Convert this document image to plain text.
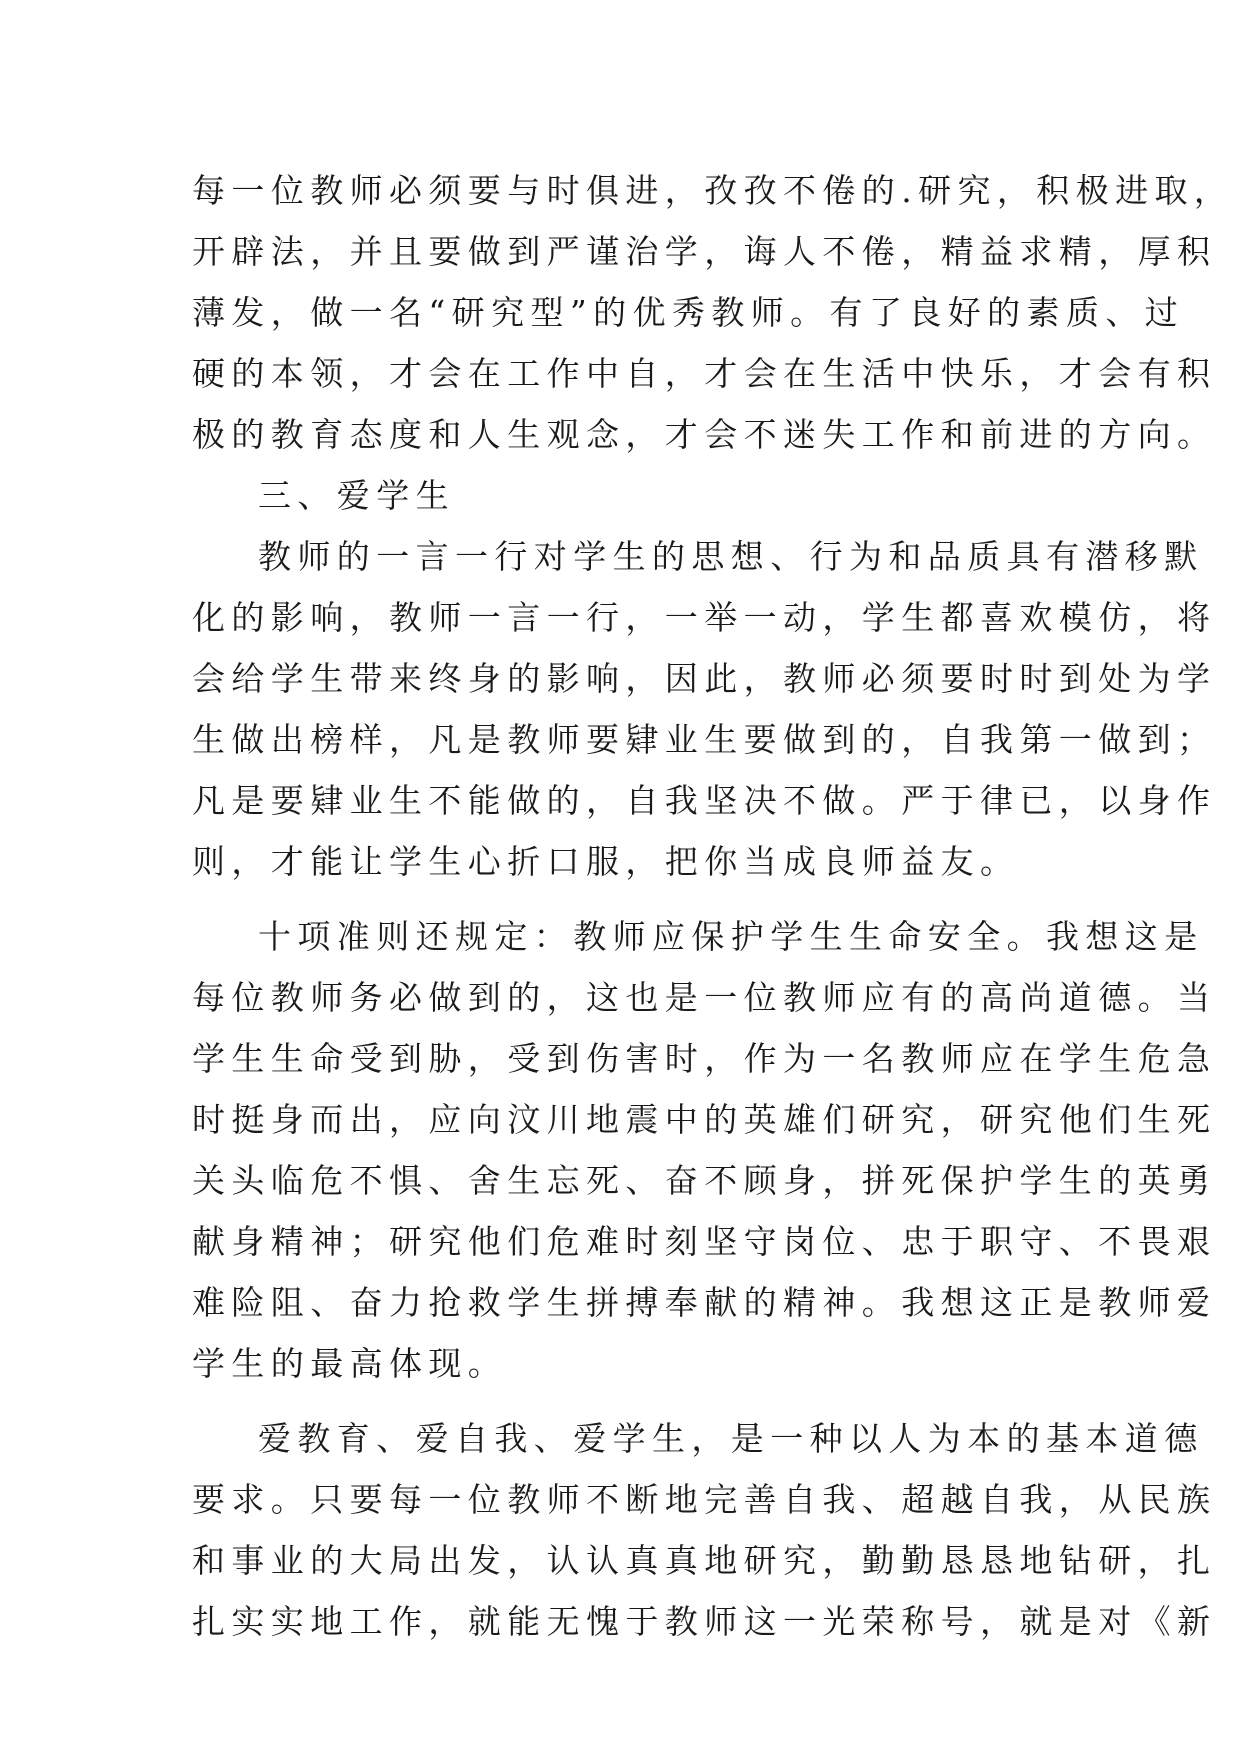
每一位教师必须要与时俱进，孜孜不倦的.研究，积极进取，
开辟法，并且要做到严谨治学，诲人不倦，精益求精，厚积
薄发，做一名“研究型”的优秀教师。有了良好的素质、过
硬的本领，才会在工作中自，才会在生活中快乐，才会有积
极的教育态度和人生观念，才会不迷失工作和前进的方向。
三、爱学生
教师的一言一行对学生的思想、行为和品质具有潜移默
化的影响，教师一言一行，一举一动，学生都喜欢模仿，将
会给学生带来终身的影响，因此，教师必须要时时到处为学
生做出榜样，凡是教师要肄业生要做到的，自我第一做到；
凡是要肄业生不能做的，自我坚决不做。严于律已，以身作
则，才能让学生心折口服，把你当成良师益友。
十项准则还规定：教师应保护学生生命安全。我想这是
每位教师务必做到的，这也是一位教师应有的高尚道德。当
学生生命受到胁，受到伤害时，作为一名教师应在学生危急
时挺身而出，应向汶川地震中的英雄们研究，研究他们生死
关头临危不惧、舍生忘死、奋不顾身，拼死保护学生的英勇
献身精神；研究他们危难时刻坚守岗位、忠于职守、不畏艰
难险阻、奋力抢救学生拼搏奉献的精神。我想这正是教师爱
学生的最高体现。
爱教育、爱自我、爱学生，是一种以人为本的基本道德
要求。只要每一位教师不断地完善自我、超越自我，从民族
和事业的大局出发，认认真真地研究，勤勤恳恳地钻研，扎
扎实实地工作，就能无愧于教师这一光荣称号，就是对《新
